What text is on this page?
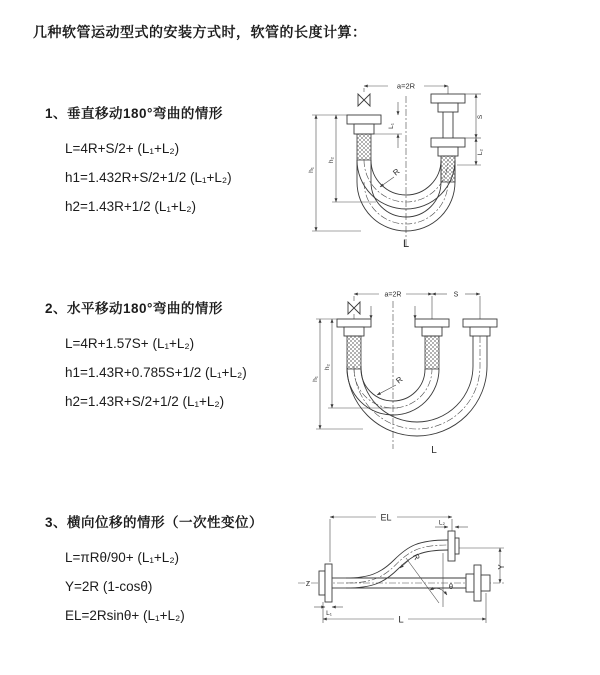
几种软管运动型式的安装方式时，软管的长度计算：
1、垂直移动180°弯曲的情形
L=4R+S/2+ (L₁+L₂)
h1=1.432R+S/2+1/2 (L₁+L₂)
h2=1.43R+1/2 (L₁+L₂)
2、水平移动180°弯曲的情形
L=4R+1.57S+ (L₁+L₂)
h1=1.43R+0.785S+1/2 (L₁+L₂)
h2=1.43R+S/2+1/2 (L₁+L₂)
3、横向位移的情形（一次性变位）
L=πRθ/90+ (L₁+L₂)
Y=2R (1-cosθ)
EL=2Rsinθ+ (L₁+L₂)
a=2R
L₁
S
L₂
h₁
h₂
R
L
a=2R	S
h₁
h₂
R
L
Z
EL
L₂
Y
R
θ
L
L₁
